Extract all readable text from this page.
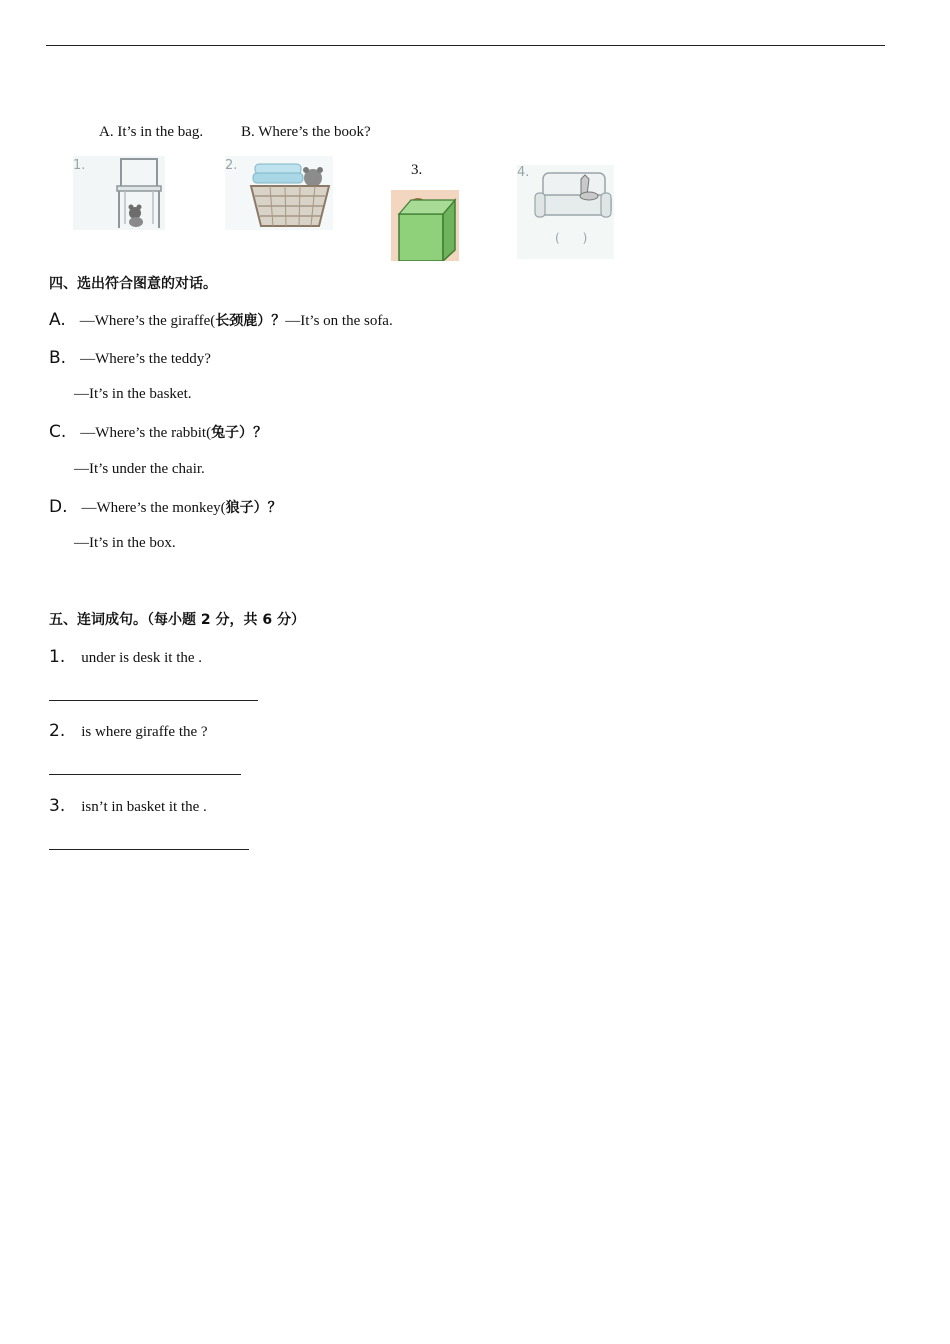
A. It’s in the bag.	B. Where’s the book?
1.	2.	3.	4.
(      )
四、选出符合图意的对话。
A. —Where’s the giraffe(长颈鹿）？—It’s on the sofa.
B. —Where’s the teddy?
—It’s in the basket.
C. —Where’s the rabbit(兔子）？
—It’s under the chair.
D. —Where’s the monkey(狼子）？
—It’s in the box.
五、连词成句。（每小题 2 分，共 6 分）
1. under is desk it the .
2. is where giraffe the ?
3. isn’t in basket it the .
